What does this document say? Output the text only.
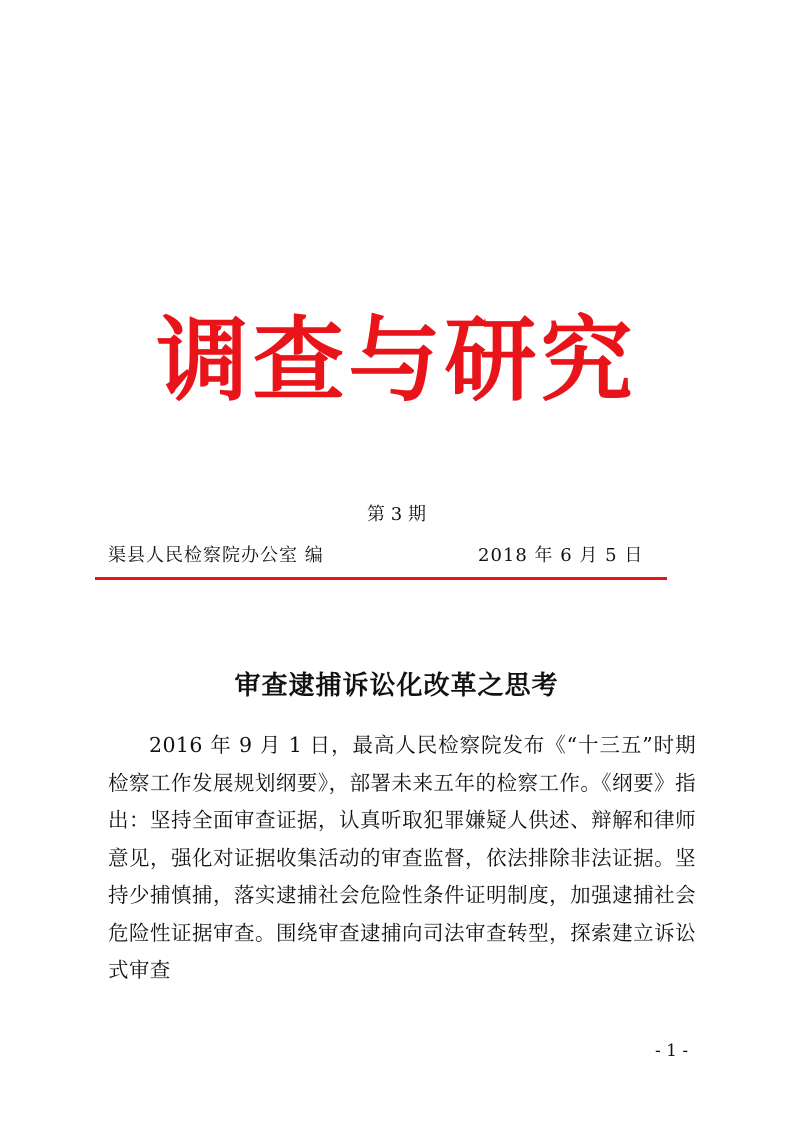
调查与研究
第 3 期
渠县人民检察院办公室 编	2018 年 6 月 5 日
审查逮捕诉讼化改革之思考

2016 年 9 月 1 日，最高人民检察院发布《“十三五”时期检察工作发展规划纲要》，部署未来五年的检察工作。《纲要》指出：坚持全面审查证据，认真听取犯罪嫌疑人供述、辩解和律师意见，强化对证据收集活动的审查监督，依法排除非法证据。坚持少捕慎捕，落实逮捕社会危险性条件证明制度，加强逮捕社会危险性证据审查。围绕审查逮捕向司法审查转型，探索建立诉讼式审查

- 1 -
